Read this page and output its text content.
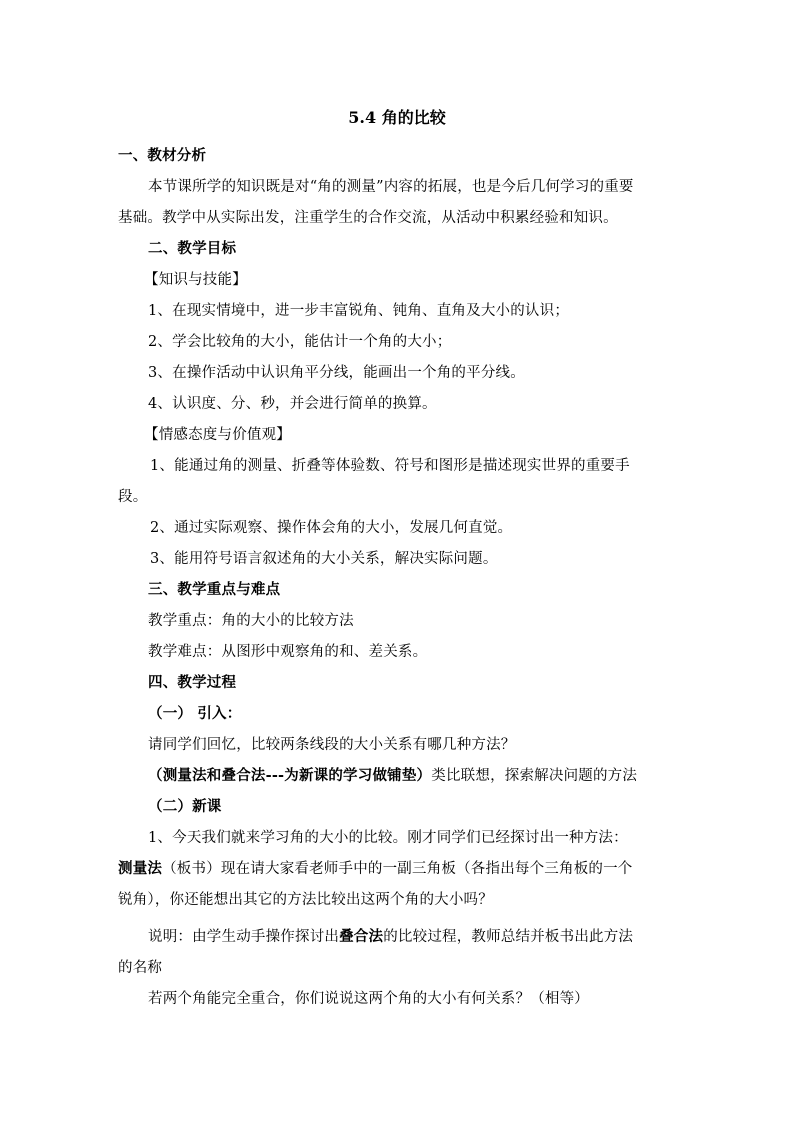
5.4 角的比较
一、教材分析
本节课所学的知识既是对“角的测量”内容的拓展，也是今后几何学习的重要
基础。教学中从实际出发，注重学生的合作交流，从活动中积累经验和知识。
二、教学目标
【知识与技能】
1、在现实情境中，进一步丰富锐角、钝角、直角及大小的认识；
2、学会比较角的大小，能估计一个角的大小；
3、在操作活动中认识角平分线，能画出一个角的平分线。
4、认识度、分、秒，并会进行简单的换算。
【情感态度与价值观】
1、能通过角的测量、折叠等体验数、符号和图形是描述现实世界的重要手
段。
2、通过实际观察、操作体会角的大小，发展几何直觉。
3、能用符号语言叙述角的大小关系，解决实际问题。
三、教学重点与难点
教学重点：角的大小的比较方法
教学难点：从图形中观察角的和、差关系。
四、教学过程
（一） 引入：
请同学们回忆，比较两条线段的大小关系有哪几种方法？
（测量法和叠合法---为新课的学习做铺垫）类比联想，探索解决问题的方法
（二）新课
1、今天我们就来学习角的大小的比较。刚才同学们已经探讨出一种方法：
测量法（板书）现在请大家看老师手中的一副三角板（各指出每个三角板的一个
锐角），你还能想出其它的方法比较出这两个角的大小吗？
说明：由学生动手操作探讨出叠合法的比较过程，教师总结并板书出此方法
的名称
若两个角能完全重合，你们说说这两个角的大小有何关系？（相等）
